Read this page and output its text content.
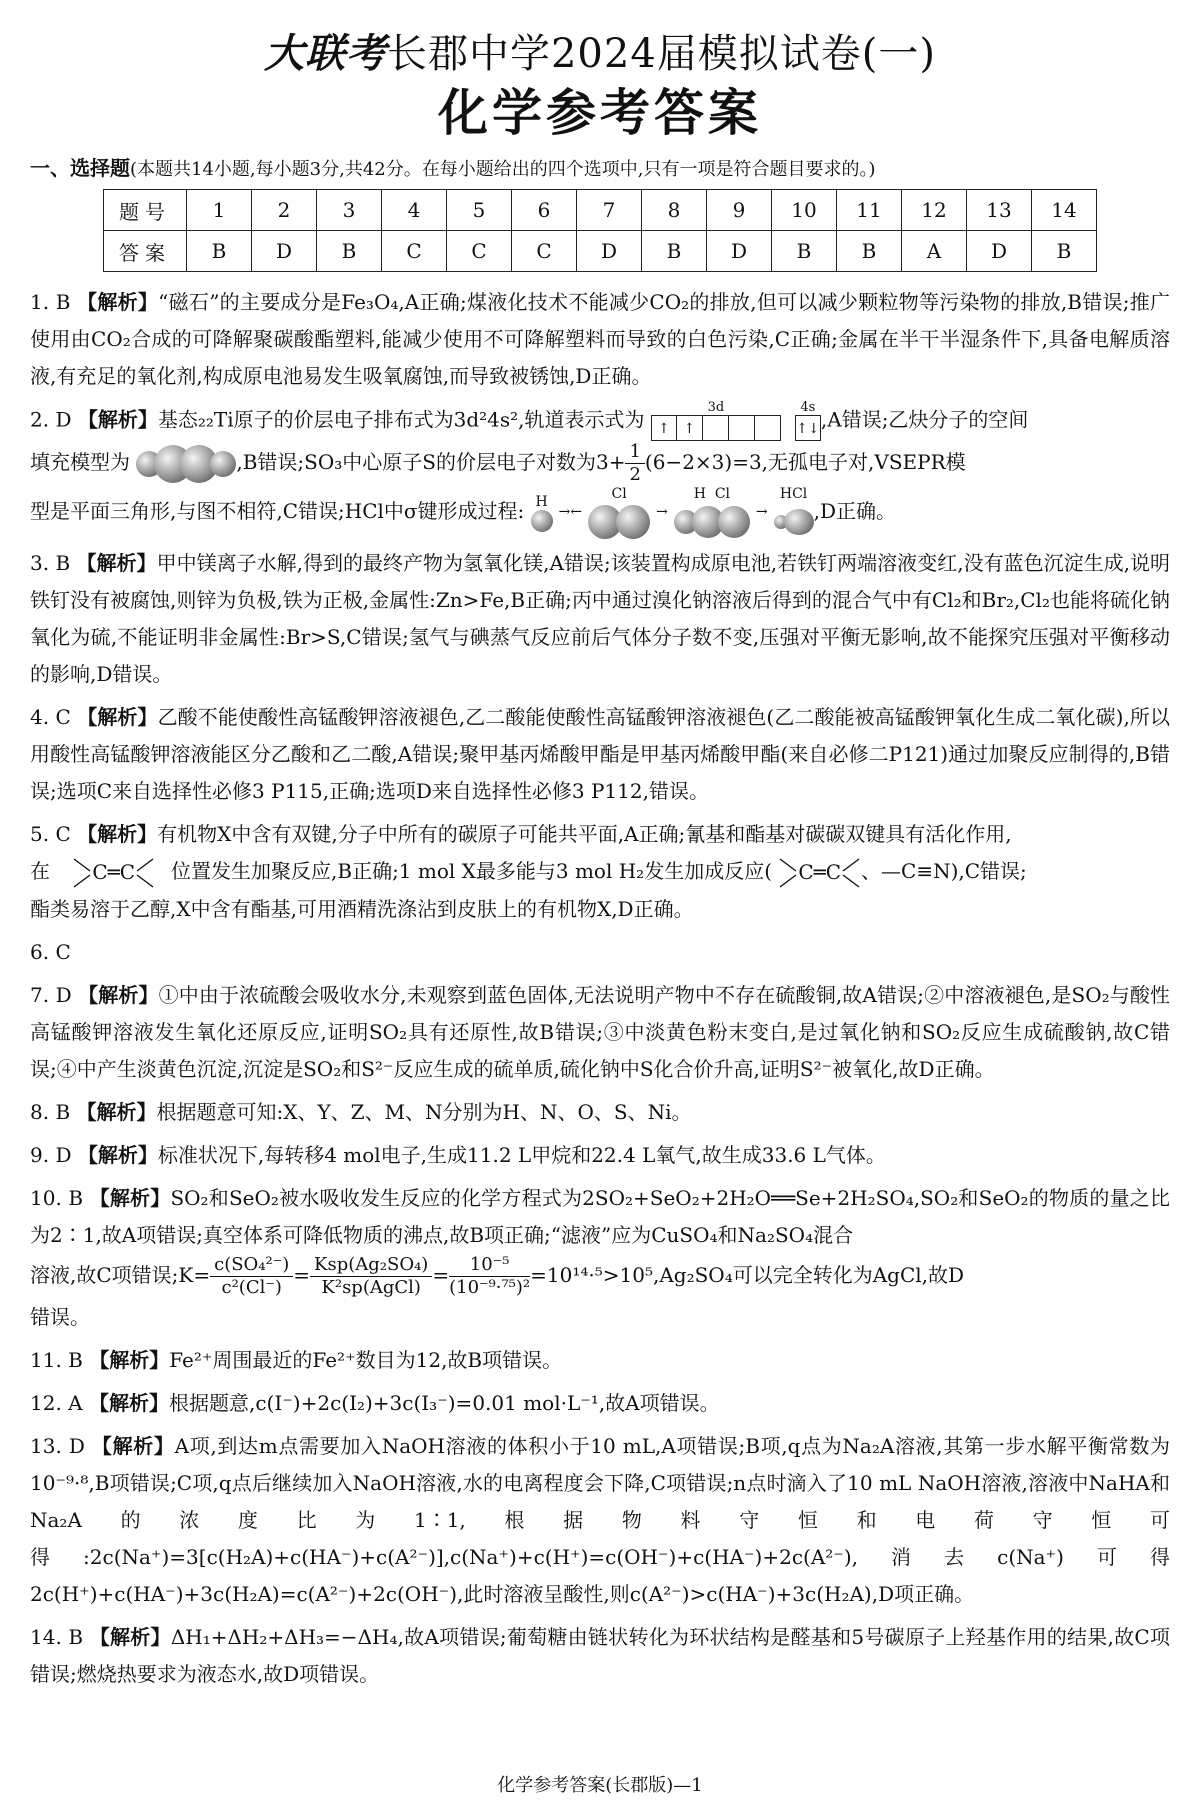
大联考长郡中学2024届模拟试卷(一)
化学参考答案
一、选择题(本题共14小题,每小题3分,共42分。在每小题给出的四个选项中,只有一项是符合题目要求的。)
题号	1	2	3	4	5	6	7	8	9	10	11	12	13	14
答案	B	D	B	C	C	C	D	B	D	B	B	A	D	B

1. B 【解析】“磁石”的主要成分是Fe₃O₄,A正确;煤液化技术不能减少CO₂的排放,但可以减少颗粒物等污染物的排放,B错误;推广使用由CO₂合成的可降解聚碳酸酯塑料,能减少使用不可降解塑料而导致的白色污染,C正确;金属在半干半湿条件下,具备电解质溶液,有充足的氧化剂,构成原电池易发生吸氧腐蚀,而导致被锈蚀,D正确。

2. D 【解析】基态₂₂Ti原子的价层电子排布式为3d²4s²,轨道表示式为	3d
↑ ↑
4s
↑↓ ,A错误;乙炔分子的空间
填充模型为	,B错误;SO₃中心原子S的价层电子对数为$3+ \frac{1}{2} (6-2\times 3)=3$,无孤电子对,VSEPR模
型是平面三角形,与图不相符,C错误;HCl中σ键形成过程: H
→←
Cl
→
H  Cl
→
HCl
,D正确。

3. B 【解析】甲中镁离子水解,得到的最终产物为氢氧化镁,A错误;该装置构成原电池,若铁钉两端溶液变红,没有蓝色沉淀生成,说明铁钉没有被腐蚀,则锌为负极,铁为正极,金属性:Zn>Fe,B正确;丙中通过溴化钠溶液后得到的混合气中有Cl₂和Br₂,Cl₂也能将硫化钠氧化为硫,不能证明非金属性:Br>S,C错误;氢气与碘蒸气反应前后气体分子数不变,压强对平衡无影响,故不能探究压强对平衡移动的影响,D错误。

4. C 【解析】乙酸不能使酸性高锰酸钾溶液褪色,乙二酸能使酸性高锰酸钾溶液褪色(乙二酸能被高锰酸钾氧化生成二氧化碳),所以用酸性高锰酸钾溶液能区分乙酸和乙二酸,A错误;聚甲基丙烯酸甲酯是甲基丙烯酸甲酯(来自必修二P121)通过加聚反应制得的,B错误;选项C来自选择性必修3 P115,正确;选项D来自选择性必修3 P112,错误。

5. C 【解析】有机物X中含有双键,分子中所有的碳原子可能共平面,A正确;氰基和酯基对碳碳双键具有活化作用,
在 C═C 位置发生加聚反应,B正确;1 mol X最多能与3 mol H₂发生加成反应( C═C 、—C≡N),C错误;
酯类易溶于乙醇,X中含有酯基,可用酒精洗涤沾到皮肤上的有机物X,D正确。

6. C

7. D 【解析】①中由于浓硫酸会吸收水分,未观察到蓝色固体,无法说明产物中不存在硫酸铜,故A错误;②中溶液褪色,是SO₂与酸性高锰酸钾溶液发生氧化还原反应,证明SO₂具有还原性,故B错误;③中淡黄色粉末变白,是过氧化钠和SO₂反应生成硫酸钠,故C错误;④中产生淡黄色沉淀,沉淀是SO₂和S²⁻反应生成的硫单质,硫化钠中S化合价升高,证明S²⁻被氧化,故D正确。

8. B 【解析】根据题意可知:X、Y、Z、M、N分别为H、N、O、S、Ni。

9. D 【解析】标准状况下,每转移4 mol电子,生成11.2 L甲烷和22.4 L氧气,故生成33.6 L气体。

10. B 【解析】SO₂和SeO₂被水吸收发生反应的化学方程式为2SO₂+SeO₂+2H₂O══Se+2H₂SO₄,SO₂和SeO₂的物质的量之比为2∶1,故A项错误;真空体系可降低物质的沸点,故B项正确;“滤液”应为CuSO₄和Na₂SO₄混合
溶液,故C项错误;K= $\frac{\text{c(SO₄²⁻)}}{\text{c²(Cl⁻)}} = \frac{\text{Ksp(Ag₂SO₄)}}{\text{K²sp(AgCl)}} = \frac{\text{10⁻⁵}}{\text{(10⁻⁹·⁷⁵)²}} =10^{14}\cdot^5>10^5,Ag_2SO_4$可以完全转化为AgCl,故D
错误。

11. B 【解析】Fe²⁺周围最近的Fe²⁺数目为12,故B项错误。

12. A 【解析】根据题意,c(I⁻)+2c(I₂)+3c(I₃⁻)=0.01 mol·L⁻¹,故A项错误。

13. D 【解析】A项,到达m点需要加入NaOH溶液的体积小于10 mL,A项错误;B项,q点为Na₂A溶液,其第一步水解平衡常数为10⁻⁹·⁸,B项错误;C项,q点后继续加入NaOH溶液,水的电离程度会下降,C项错误;n点时滴入了10 mL NaOH溶液,溶液中NaHA和Na₂A的浓度比为1∶1,根据物料守恒和电荷守恒可得:2c(Na⁺)=3[c(H₂A)+c(HA⁻)+c(A²⁻)],c(Na⁺)+c(H⁺)=c(OH⁻)+c(HA⁻)+2c(A²⁻),消去c(Na⁺)可得2c(H⁺)+c(HA⁻)+3c(H₂A)=c(A²⁻)+2c(OH⁻),此时溶液呈酸性,则c(A²⁻)>c(HA⁻)+3c(H₂A),D项正确。

14. B 【解析】ΔH₁+ΔH₂+ΔH₃=−ΔH₄,故A项错误;葡萄糖由链状转化为环状结构是醛基和5号碳原子上羟基作用的结果,故C项错误;燃烧热要求为液态水,故D项错误。

化学参考答案(长郡版)—1
